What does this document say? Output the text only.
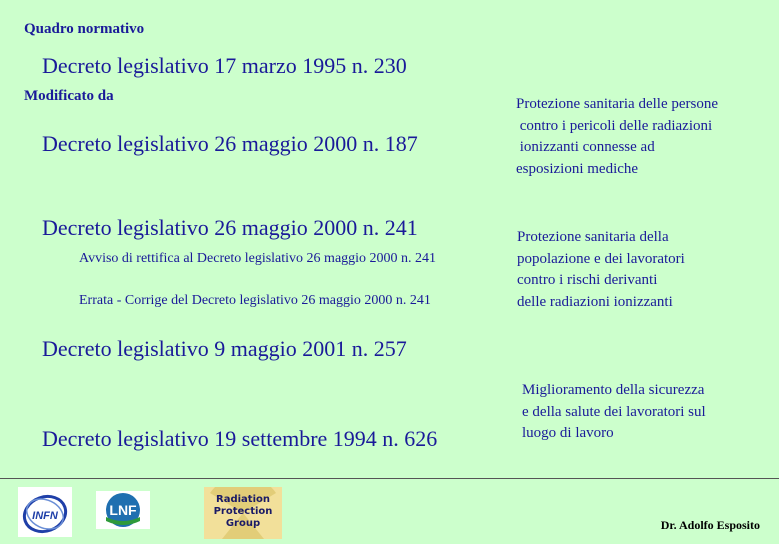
Quadro normativo
Decreto legislativo 17 marzo 1995 n. 230
Modificato da
Decreto legislativo 26 maggio 2000 n. 187
Decreto legislativo 26 maggio 2000 n. 241
Avviso di rettifica al Decreto legislativo 26 maggio 2000 n. 241
Errata - Corrige del Decreto legislativo 26 maggio 2000 n. 241
Decreto legislativo 9 maggio 2001 n. 257
Decreto legislativo 19 settembre 1994 n. 626
Protezione sanitaria delle persone
contro i pericoli delle radiazioni
ionizzanti connesse ad
esposizioni mediche
Protezione sanitaria della
popolazione e dei lavoratori
contro i rischi derivanti
delle radiazioni ionizzanti
Miglioramento della sicurezza
e della salute dei lavoratori sul
luogo di lavoro
INFN	LNF
Radiation
Protection
Group	Dr. Adolfo Esposito
